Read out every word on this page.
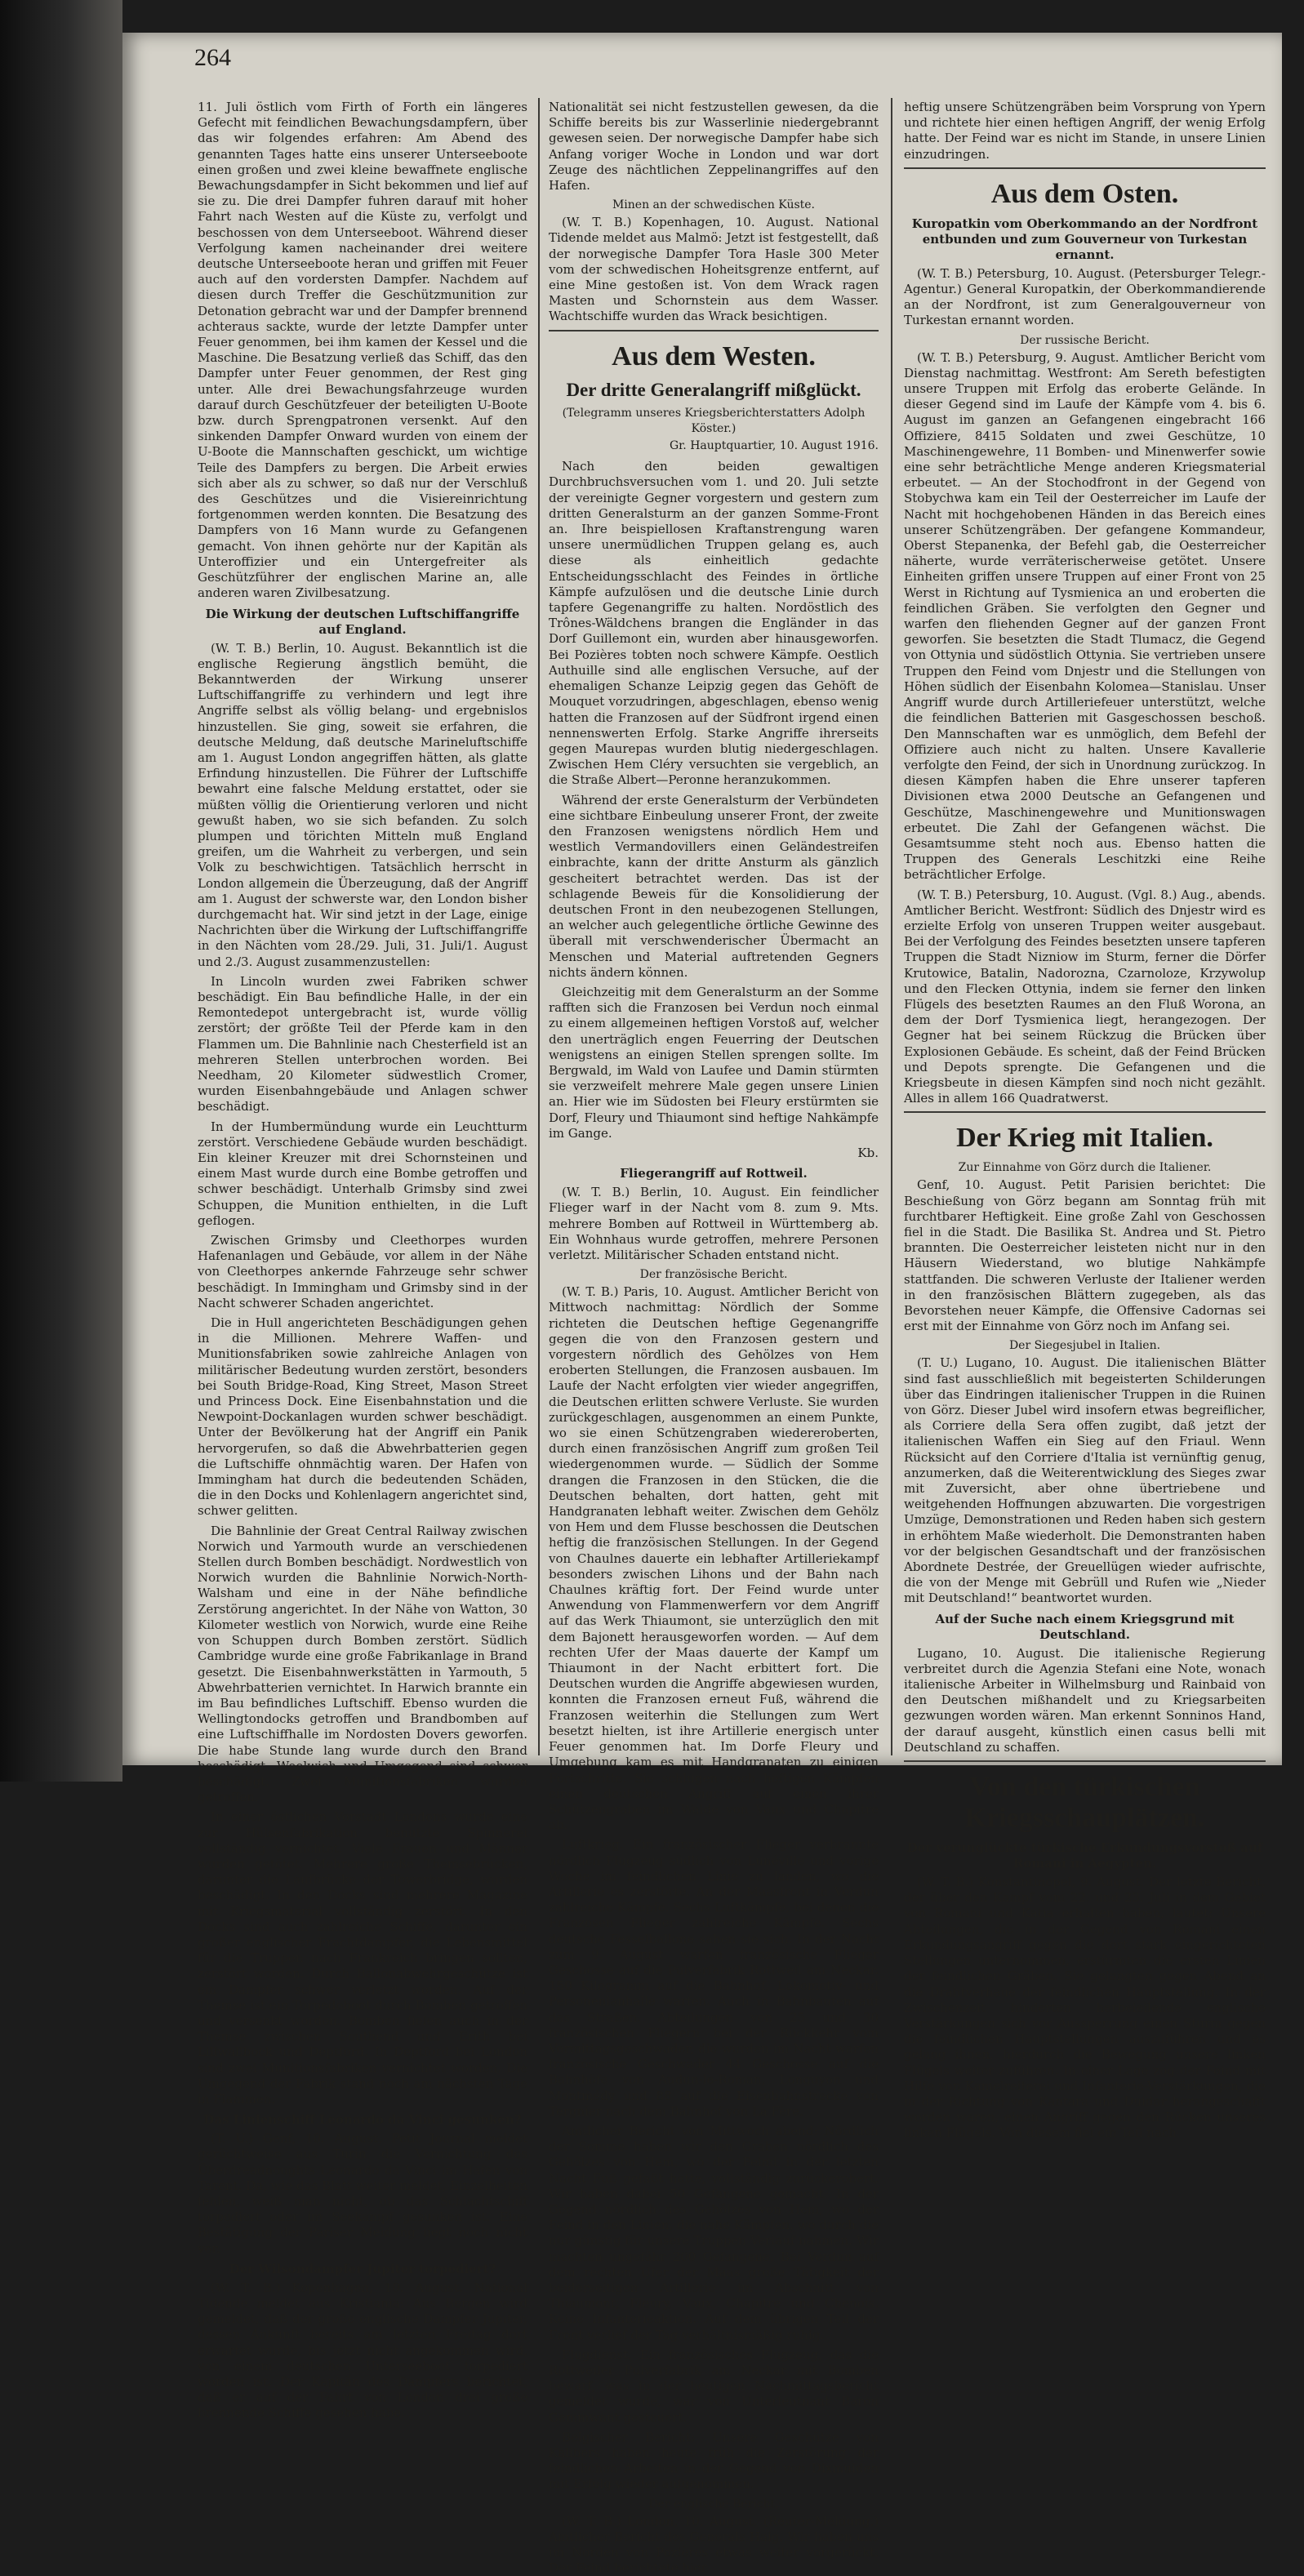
264

11. Juli östlich vom Firth of Forth ein längeres Gefecht mit feindlichen Bewachungsdampfern, über das wir folgendes erfahren: Am Abend des genannten Tages hatte eins unserer Unterseeboote einen großen und zwei kleine bewaffnete englische Bewachungsdampfer in Sicht bekommen und lief auf sie zu. Die drei Dampfer fuhren darauf mit hoher Fahrt nach Westen auf die Küste zu, verfolgt und beschossen von dem Unterseeboot. Während dieser Verfolgung kamen nacheinander drei weitere deutsche Unterseeboote heran und griffen mit Feuer auch auf den vordersten Dampfer. Nachdem auf diesen durch Treffer die Geschützmunition zur Detonation gebracht war und der Dampfer brennend achteraus sackte, wurde der letzte Dampfer unter Feuer genommen, bei ihm kamen der Kessel und die Maschine. Die Besatzung verließ das Schiff, das den Dampfer unter Feuer genommen, der Rest ging unter. Alle drei Bewachungsfahrzeuge wurden darauf durch Geschützfeuer der beteiligten U-Boote bzw. durch Sprengpatronen versenkt. Auf den sinkenden Dampfer Onward wurden von einem der U-Boote die Mannschaften geschickt, um wichtige Teile des Dampfers zu bergen. Die Arbeit erwies sich aber als zu schwer, so daß nur der Verschluß des Geschützes und die Visiereinrichtung fortgenommen werden konnten. Die Besatzung des Dampfers von 16 Mann wurde zu Gefangenen gemacht. Von ihnen gehörte nur der Kapitän als Unteroffizier und ein Untergefreiter als Geschützführer der englischen Marine an, alle anderen waren Zivilbesatzung.

Die Wirkung der deutschen Luftschiffangriffe auf England.

(W. T. B.) Berlin, 10. August. Bekanntlich ist die englische Regierung ängstlich bemüht, die Bekanntwerden der Wirkung unserer Luftschiffangriffe zu verhindern und legt ihre Angriffe selbst als völlig belang- und ergebnislos hinzustellen. Sie ging, soweit sie erfahren, die deutsche Meldung, daß deutsche Marineluftschiffe am 1. August London angegriffen hätten, als glatte Erfindung hinzustellen. Die Führer der Luftschiffe bewahrt eine falsche Meldung erstattet, oder sie müßten völlig die Orientierung verloren und nicht gewußt haben, wo sie sich befanden. Zu solch plumpen und törichten Mitteln muß England greifen, um die Wahrheit zu verbergen, und sein Volk zu beschwichtigen. Tatsächlich herrscht in London allgemein die Überzeugung, daß der Angriff am 1. August der schwerste war, den London bisher durchgemacht hat. Wir sind jetzt in der Lage, einige Nachrichten über die Wirkung der Luftschiffangriffe in den Nächten vom 28./29. Juli, 31. Juli/1. August und 2./3. August zusammenzustellen:

In Lincoln wurden zwei Fabriken schwer beschädigt. Ein Bau befindliche Halle, in der ein Remontedepot untergebracht ist, wurde völlig zerstört; der größte Teil der Pferde kam in den Flammen um. Die Bahnlinie nach Chesterfield ist an mehreren Stellen unterbrochen worden. Bei Needham, 20 Kilometer südwestlich Cromer, wurden Eisenbahngebäude und Anlagen schwer beschädigt.

In der Humbermündung wurde ein Leuchtturm zerstört. Verschiedene Gebäude wurden beschädigt. Ein kleiner Kreuzer mit drei Schornsteinen und einem Mast wurde durch eine Bombe getroffen und schwer beschädigt. Unterhalb Grimsby sind zwei Schuppen, die Munition enthielten, in die Luft geflogen.

Zwischen Grimsby und Cleethorpes wurden Hafenanlagen und Gebäude, vor allem in der Nähe von Cleethorpes ankernde Fahrzeuge sehr schwer beschädigt. In Immingham und Grimsby sind in der Nacht schwerer Schaden angerichtet.

Die in Hull angerichteten Beschädigungen gehen in die Millionen. Mehrere Waffen- und Munitionsfabriken sowie zahlreiche Anlagen von militärischer Bedeutung wurden zerstört, besonders bei South Bridge-Road, King Street, Mason Street und Princess Dock. Eine Eisenbahnstation und die Newpoint-Dockanlagen wurden schwer beschädigt. Unter der Bevölkerung hat der Angriff ein Panik hervorgerufen, so daß die Abwehrbatterien gegen die Luftschiffe ohnmächtig waren. Der Hafen von Immingham hat durch die bedeutenden Schäden, die in den Docks und Kohlenlagern angerichtet sind, schwer gelitten.

Die Bahnlinie der Great Central Railway zwischen Norwich und Yarmouth wurde an verschiedenen Stellen durch Bomben beschädigt. Nordwestlich von Norwich wurden die Bahnlinie Norwich-North-Walsham und eine in der Nähe befindliche Zerstörung angerichtet. In der Nähe von Watton, 30 Kilometer westlich von Norwich, wurde eine Reihe von Schuppen durch Bomben zerstört. Südlich Cambridge wurde eine große Fabrikanlage in Brand gesetzt. Die Eisenbahnwerkstätten in Yarmouth, 5 Abwehrbatterien vernichtet. In Harwich brannte ein im Bau befindliches Luftschiff. Ebenso wurden die Wellingtondocks getroffen und Brandbomben auf eine Luftschiffhalle im Nordosten Dovers geworfen. Die habe Stunde lang wurde durch den Brand beschädigt. Woolwich und Umgegend sind schwer beschädigt. Zwei Munitionsfabriken wurden getroffen.

In einer östlichen Vorstadt Londons wurde eine zur Hülsenfabrikation benutzte Spinnerei vollständig vernichtet. Viele Frauen und Männer wurden getötet. Mehrere große Themsebrücken, darunter die Laufbrücke der Towerbridge, wurden beschädigt. In den Docks sind mehrere Magazine mit Kriegsmaterial vollständig zerstört. In den Docks sind auch zahlreiche Schiffe, darunter ein großer englischer Frachtdampfer, die Lebensmittel für die Truppen nach Frankreich bringen sollten, zerstört worden. Durch Ballonabwehrgeschütze ist ein Dampfer schwer verletzt worden. Auf der Themse ist ein Torpedoboot durch Bomben getroffen und versenkt worden. Bomben fielen auch in der Themse zwischen Southend und Erith bei Lillwallbock und Deptford. In Deptford bei London sind zwei Munitionsfabriken vernichtet worden. Die Umgegend der Fabrik stand noch am nächsten Tage in Flammen.

Das Linienschiff Leonardo da Vinci gesunken?

(T. U.) Genf, 10. August. Petit Journal meldet gerüchtweise aus Turin die Vernichtung des Überdreadnoughts Leonardo da Vinci im Hafen von Tarent. Da, wie das Blatt weiter meldet, Einzelheiten fehlen, weiß man nicht, ob das Schlachtschiff torpediert oder im Seekampf gesunken ist. Eine Bestätigung der Pariser Meldung liegt noch nicht vor.

Der Wilsondampfer Jupiter torpediert?

(W. T. B.) Kopenhagen, 10. August. National Tidende meldet aus Kristiania: Aus Bergen wird gemeldet, daß der große englische Dampfer Jupiter, dessen Ankunft bereits am letzten Freitag dort erwartet wurde, bis jetzt nicht angekommen wird, von einem deutschen Unterseeboot torpediert worden ist. Der Kapitän des Dampfers berichtet, daß er auf der Fahrt von London drei große brennende Schiffe gesehen habe.

Nationalität sei nicht festzustellen gewesen, da die Schiffe bereits bis zur Wasserlinie niedergebrannt gewesen seien. Der norwegische Dampfer habe sich Anfang voriger Woche in London und war dort Zeuge des nächtlichen Zeppelinangriffes auf den Hafen.

Minen an der schwedischen Küste.

(W. T. B.) Kopenhagen, 10. August. National Tidende meldet aus Malmö: Jetzt ist festgestellt, daß der norwegische Dampfer Tora Hasle 300 Meter vom der schwedischen Hoheitsgrenze entfernt, auf eine Mine gestoßen ist. Von dem Wrack ragen Masten und Schornstein aus dem Wasser. Wachtschiffe wurden das Wrack besichtigen.

Aus dem Westen.
Der dritte Generalangriff mißglückt.

(Telegramm unseres Kriegsberichterstatters Adolph Köster.)

Gr. Hauptquartier, 10. August 1916.

Nach den beiden gewaltigen Durchbruchsversuchen vom 1. und 20. Juli setzte der vereinigte Gegner vorgestern und gestern zum dritten Generalsturm an der ganzen Somme-Front an. Ihre beispiellosen Kraftanstrengung waren unsere unermüdlichen Truppen gelang es, auch diese als einheitlich gedachte Entscheidungsschlacht des Feindes in örtliche Kämpfe aufzulösen und die deutsche Linie durch tapfere Gegenangriffe zu halten. Nordöstlich des Trônes-Wäldchens brangen die Engländer in das Dorf Guillemont ein, wurden aber hinausgeworfen. Bei Pozières tobten noch schwere Kämpfe. Oestlich Authuille sind alle englischen Versuche, auf der ehemaligen Schanze Leipzig gegen das Gehöft de Mouquet vorzudringen, abgeschlagen, ebenso wenig hatten die Franzosen auf der Südfront irgend einen nennenswerten Erfolg. Starke Angriffe ihrerseits gegen Maurepas wurden blutig niedergeschlagen. Zwischen Hem Cléry versuchten sie vergeblich, an die Straße Albert—Peronne heranzukommen.

Während der erste Generalsturm der Verbündeten eine sichtbare Einbeulung unserer Front, der zweite den Franzosen wenigstens nördlich Hem und westlich Vermandovillers einen Geländestreifen einbrachte, kann der dritte Ansturm als gänzlich gescheitert betrachtet werden. Das ist der schlagende Beweis für die Konsolidierung der deutschen Front in den neubezogenen Stellungen, an welcher auch gelegentliche örtliche Gewinne des überall mit verschwenderischer Übermacht an Menschen und Material auftretenden Gegners nichts ändern können.

Gleichzeitig mit dem Generalsturm an der Somme rafften sich die Franzosen bei Verdun noch einmal zu einem allgemeinen heftigen Vorstoß auf, welcher den unerträglich engen Feuerring der Deutschen wenigstens an einigen Stellen sprengen sollte. Im Bergwald, im Wald von Laufee und Damin stürmten sie verzweifelt mehrere Male gegen unsere Linien an. Hier wie im Südosten bei Fleury erstürmten sie Dorf, Fleury und Thiaumont sind heftige Nahkämpfe im Gange.

Kb.

Fliegerangriff auf Rottweil.

(W. T. B.) Berlin, 10. August. Ein feindlicher Flieger warf in der Nacht vom 8. zum 9. Mts. mehrere Bomben auf Rottweil in Württemberg ab. Ein Wohnhaus wurde getroffen, mehrere Personen verletzt. Militärischer Schaden entstand nicht.

Der französische Bericht.

(W. T. B.) Paris, 10. August. Amtlicher Bericht von Mittwoch nachmittag: Nördlich der Somme richteten die Deutschen heftige Gegenangriffe gegen die von den Franzosen gestern und vorgestern nördlich des Gehölzes von Hem eroberten Stellungen, die Franzosen ausbauen. Im Laufe der Nacht erfolgten vier wieder angegriffen, die Deutschen erlitten schwere Verluste. Sie wurden zurückgeschlagen, ausgenommen an einem Punkte, wo sie einen Schützengraben wiedereroberten, durch einen französischen Angriff zum großen Teil wiedergenommen wurde. — Südlich der Somme drangen die Franzosen in den Stücken, die die Deutschen behalten, dort hatten, geht mit Handgranaten lebhaft weiter. Zwischen dem Gehölz von Hem und dem Flusse beschossen die Deutschen heftig die französischen Stellungen. In der Gegend von Chaulnes dauerte ein lebhafter Artilleriekampf besonders zwischen Lihons und der Bahn nach Chaulnes kräftig fort. Der Feind wurde unter Anwendung von Flammenwerfern vor dem Angriff auf das Werk Thiaumont, sie unterzüglich den mit dem Bajonett herausgeworfen worden. — Auf dem rechten Ufer der Maas dauerte der Kampf um Thiaumont in der Nacht erbittert fort. Die Deutschen wurden die Angriffe abgewiesen wurden, konnten die Franzosen erneut Fuß, während die Franzosen weiterhin die Stellungen zum Wert besetzt hielten, ist ihre Artillerie energisch unter Feuer genommen hat. Im Dorfe Fleury und Umgebung kam es mit Handgranaten zu einigen Fortschritte. Sie schlugen nach heftigen Kämpfen einen deutschen Angriff auf einen ihrer Schützengraben im Walde von Vaux und Chapitre ab.

Luftkrieg. Ein französischer Flieger verbrannte nördlich Flugzeug südlich von Lunéville und vorige Woche im feindlichen Linie zu landen, wo die Artillerie es zerstörte. An der Maasfront in Verdun zahlreiche Kämpfe. Sechs Luftkämpfe, bei denen die Franzosen Flieger zahlreiche Kämpfe. Sechs deutsche Fesselballone sahen sie sich. In der Nacht zum 9. August warfen französische Flieger Geschosse auf die Pulverfabrik Rottweil am Neckar. 150 Kilogramm auf die Bahnhof, Lokomotiv- und Personenlanhalle warfen. Auch in Bahnbauten auf das Straßen. Abteilungen von 25 und 30 französischen Fliegern bei der Rückkehr vom Vormittagsgeschwader, die wurden im Nacht warfen französische Geschwader 44 Geschosse auf die Bahnhöfe von Audun-le-Roman, Longuyon und Montmédy und 88 auf die Eisenbahnstrecke von Tergnier nach dem Bahnhof von La Fère.

Amtlicher Bericht von Mittwoch abend: Nördlich der Somme haben wir den Graben nördlich des Gehölzes von Hem, wo der Feind in der letzten Nacht Fuß gefaßt hatte, vollständig zurückerobert. Wir haben dabei 50 Gefangene gemacht. In der Gegend nördlich des Gehölzes von Hem, wo der Feind in den Linien, die nahe Kämpfen, wo durch die nur günstig für unsere Truppen Verlauf nahmen. Wir machten ungefähr 200 Gefangene. Bei Verdun auf dem rechten Ufer der Maas große Tätigkeit der beiderseitigen Artillerie im Abschnitt von Thiaumont, Fleury, Vaux, Chapitre und Chenois. Keine Infanterieaktion. Auf dem übrigen Teil der Front verlief der Tag verhältnismäßig ruhig.

Flugdienst. Ein französisches Flugzeug, das die Rottweiler Pulverfabrik am Neckar mit Bomben bewarf, was in der heutigen Nachmittagsbericht gemeldet wurde, war von Unterleutnant Baron Gemmwant gesteuert.

Belgischer Bericht: Unsere Geschütze von Kalibers haben heute früh die Zerstörung der feindlichen Arbeiten in der Gegend von Dixmuiden mit Erfolg wieder aufgenommen.

Der englische Bericht.

(W. T. B.) London, 10. August. (Reuter-Meldung.) Amtlicher Bericht des Generals Haig. Wir haben uns im Norden von Pozières etwas weiter vorgerückt. Der Feind berichtete hier

heftig unsere Schützengräben beim Vorsprung von Ypern und richtete hier einen heftigen Angriff, der wenig Erfolg hatte. Der Feind war es nicht im Stande, in unsere Linien einzudringen.

Aus dem Osten.
Kuropatkin vom Oberkommando an der Nordfront entbunden und zum Gouverneur von Turkestan ernannt.

(W. T. B.) Petersburg, 10. August. (Petersburger Telegr.-Agentur.) General Kuropatkin, der Oberkommandierende an der Nordfront, ist zum Generalgouverneur von Turkestan ernannt worden.

Der russische Bericht.

(W. T. B.) Petersburg, 9. August. Amtlicher Bericht vom Dienstag nachmittag. Westfront: Am Sereth befestigten unsere Truppen mit Erfolg das eroberte Gelände. In dieser Gegend sind im Laufe der Kämpfe vom 4. bis 6. August im ganzen an Gefangenen eingebracht 166 Offiziere, 8415 Soldaten und zwei Geschütze, 10 Maschinengewehre, 11 Bomben- und Minenwerfer sowie eine sehr beträchtliche Menge anderen Kriegsmaterial erbeutet. — An der Stochodfront in der Gegend von Stobychwa kam ein Teil der Oesterreicher im Laufe der Nacht mit hochgehobenen Händen in das Bereich eines unserer Schützengräben. Der gefangene Kommandeur, Oberst Stepanenka, der Befehl gab, die Oesterreicher näherte, wurde verräterischerweise getötet. Unsere Einheiten griffen unsere Truppen auf einer Front von 25 Werst in Richtung auf Tysmienica an und eroberten die feindlichen Gräben. Sie verfolgten den Gegner und warfen den fliehenden Gegner auf der ganzen Front geworfen. Sie besetzten die Stadt Tlumacz, die Gegend von Ottynia und südöstlich Ottynia. Sie vertrieben unsere Truppen den Feind vom Dnjestr und die Stellungen von Höhen südlich der Eisenbahn Kolomea—Stanislau. Unser Angriff wurde durch Artilleriefeuer unterstützt, welche die feindlichen Batterien mit Gasgeschossen beschoß. Den Mannschaften war es unmöglich, dem Befehl der Offiziere auch nicht zu halten. Unsere Kavallerie verfolgte den Feind, der sich in Unordnung zurückzog. In diesen Kämpfen haben die Ehre unserer tapferen Divisionen etwa 2000 Deutsche an Gefangenen und Geschütze, Maschinengewehre und Munitionswagen erbeutet. Die Zahl der Gefangenen wächst. Die Gesamtsumme steht noch aus. Ebenso hatten die Truppen des Generals Leschitzki eine Reihe beträchtlicher Erfolge.

(W. T. B.) Petersburg, 10. August. (Vgl. 8.) Aug., abends. Amtlicher Bericht. Westfront: Südlich des Dnjestr wird es erzielte Erfolg von unseren Truppen weiter ausgebaut. Bei der Verfolgung des Feindes besetzten unsere tapferen Truppen die Stadt Nizniow im Sturm, ferner die Dörfer Krutowice, Batalin, Nadorozna, Czarnoloze, Krzywolup und den Flecken Ottynia, indem sie ferner den linken Flügels des besetzten Raumes an den Fluß Worona, an dem der Dorf Tysmienica liegt, herangezogen. Der Gegner hat bei seinem Rückzug die Brücken über Explosionen Gebäude. Es scheint, daß der Feind Brücken und Depots sprengte. Die Gefangenen und die Kriegsbeute in diesen Kämpfen sind noch nicht gezählt. Alles in allem 166 Quadratwerst.

Der Krieg mit Italien.
Zur Einnahme von Görz durch die Italiener.

Genf, 10. August. Petit Parisien berichtet: Die Beschießung von Görz begann am Sonntag früh mit furchtbarer Heftigkeit. Eine große Zahl von Geschossen fiel in die Stadt. Die Basilika St. Andrea und St. Pietro brannten. Die Oesterreicher leisteten nicht nur in den Häusern Wiederstand, wo blutige Nahkämpfe stattfanden. Die schweren Verluste der Italiener werden in den französischen Blättern zugegeben, als das Bevorstehen neuer Kämpfe, die Offensive Cadornas sei erst mit der Einnahme von Görz noch im Anfang sei.

Der Siegesjubel in Italien.

(T. U.) Lugano, 10. August. Die italienischen Blätter sind fast ausschließlich mit begeisterten Schilderungen über das Eindringen italienischer Truppen in die Ruinen von Görz. Dieser Jubel wird insofern etwas begreiflicher, als Corriere della Sera offen zugibt, daß jetzt der italienischen Waffen ein Sieg auf den Friaul. Wenn Rücksicht auf den Corriere d'Italia ist vernünftig genug, anzumerken, daß die Weiterentwicklung des Sieges zwar mit Zuversicht, aber ohne übertriebene und weitgehenden Hoffnungen abzuwarten. Die vorgestrigen Umzüge, Demonstrationen und Reden haben sich gestern in erhöhtem Maße wiederholt. Die Demonstranten haben vor der belgischen Gesandtschaft und der französischen Abordnete Destrée, der Greuellügen wieder aufrischte, die von der Menge mit Gebrüll und Rufen wie „Nieder mit Deutschland!“ beantwortet wurden.

Auf der Suche nach einem Kriegsgrund mit Deutschland.

Lugano, 10. August. Die italienische Regierung verbreitet durch die Agenzia Stefani eine Note, wonach italienische Arbeiter in Wilhelmsburg und Rainbaid von den Deutschen mißhandelt und zu Kriegsarbeiten gezwungen worden wären. Man erkennt Sonninos Hand, der darauf ausgeht, künstlich einen casus belli mit Deutschland zu schaffen.

Von den türkischen Kriegsschauplätzen.
Der verunglückte türkische Erkundungsvorstoß auf Romani in Aegypten.

(W. T. B.) Konstantinopel, 9. August. Der letzte Bericht, der über den Kampf vom 22. und 23. Juli in dem Gebiet von Romani und Katia erhalten haben, lautet: Unsere Abteilungen, die in der Gegend von Romani einen Erkundungsangriff gegen die dort stark eingerichteten Stellungen unternommen, erstürmten die ersten Linien der feindlichen Gräben. Sie gelangten gegen Abend an die Drahtverhaue der feindlichen Hauptstellung. In der Zwischenzeit hinderten herbeieilende englische Verstärkungen sich vor Aussperrung einen Sturm gegen die feindlichen Hauptstellungen auszuführen und es gelang ihnen, hierdurch die Bewegung unsere linken Flügels weiter zuführen. In einer Lage zog der Feind mit Hilfe von Kamelreiterei und Infanterie-Verstärkungen, die in der Richtung von Kantara und Duidar herangeschafft worden waren, einen Angriff gegen den Rücken unseres linken Flügels. Von diesem fiel ein Teil nach
